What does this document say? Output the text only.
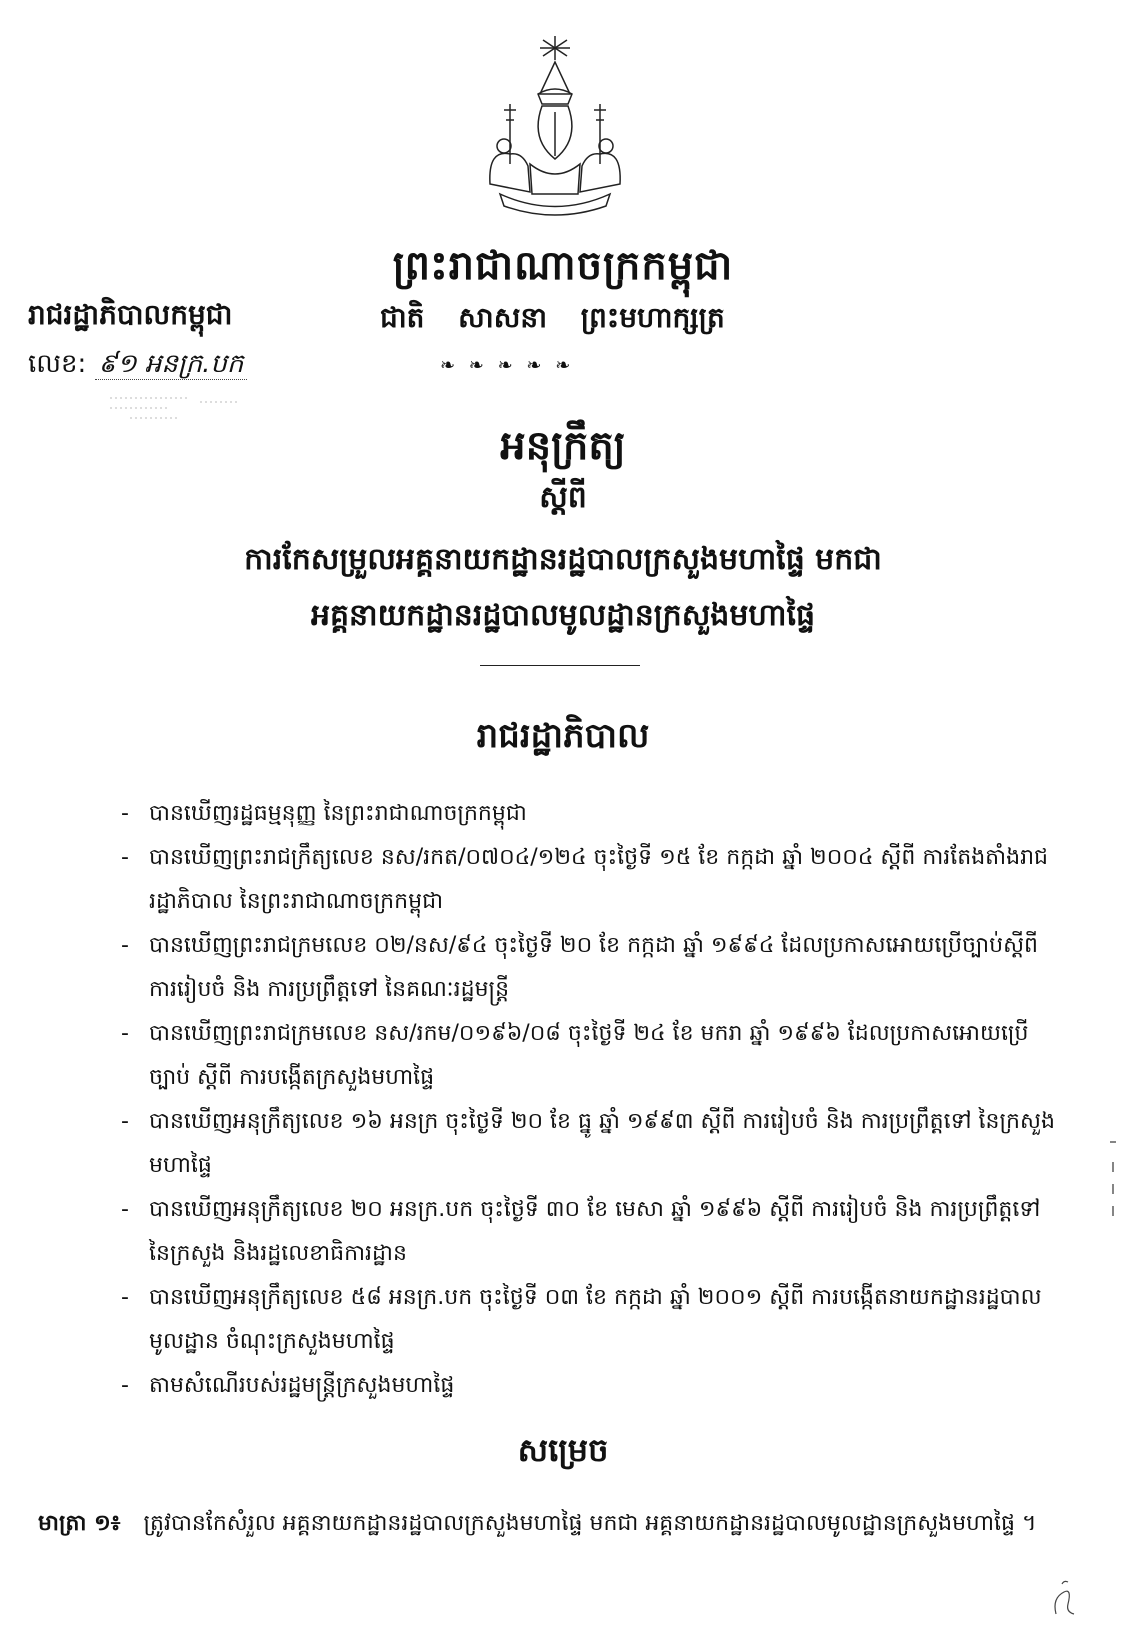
ព្រះរាជាណាចក្រកម្ពុជា
រាជរដ្ឋាភិបាលកម្ពុជា	ជាតិ សាសនា ព្រះមហាក្សត្រ
លេខ: ៩១ អនក្រ.បក	❧ ❧ ❧ ❧ ❧
អនុក្រឹត្យ
ស្តីពី
ការកែសម្រួលអគ្គនាយកដ្ឋានរដ្ឋបាលក្រសួងមហាផ្ទៃ មកជា
អគ្គនាយកដ្ឋានរដ្ឋបាលមូលដ្ឋានក្រសួងមហាផ្ទៃ
រាជរដ្ឋាភិបាល
- បានឃើញរដ្ឋធម្មនុញ្ញ នៃព្រះរាជាណាចក្រកម្ពុជា
- បានឃើញព្រះរាជក្រឹត្យលេខ នស/រកត/០៧០៤/១២៤ ចុះថ្ងៃទី ១៥ ខែ កក្កដា ឆ្នាំ ២០០៤ ស្តីពី ការតែងតាំងរាជរដ្ឋាភិបាល នៃព្រះរាជាណាចក្រកម្ពុជា
- បានឃើញព្រះរាជក្រមលេខ ០២/នស/៩៤ ចុះថ្ងៃទី ២០ ខែ កក្កដា ឆ្នាំ ១៩៩៤ ដែលប្រកាសអោយប្រើច្បាប់ស្តីពី ការរៀបចំ និង ការប្រព្រឹត្តទៅ នៃគណៈរដ្ឋមន្ត្រី
- បានឃើញព្រះរាជក្រមលេខ នស/រកម/០១៩៦/០៨ ចុះថ្ងៃទី ២៤ ខែ មករា ឆ្នាំ ១៩៩៦ ដែលប្រកាសអោយប្រើច្បាប់ ស្តីពី ការបង្កើតក្រសួងមហាផ្ទៃ
- បានឃើញអនុក្រឹត្យលេខ ១៦ អនក្រ ចុះថ្ងៃទី ២០ ខែ ធ្នូ ឆ្នាំ ១៩៩៣ ស្តីពី ការរៀបចំ និង ការប្រព្រឹត្តទៅ នៃក្រសួងមហាផ្ទៃ
- បានឃើញអនុក្រឹត្យលេខ ២០ អនក្រ.បក ចុះថ្ងៃទី ៣០ ខែ មេសា ឆ្នាំ ១៩៩៦ ស្តីពី ការរៀបចំ និង ការប្រព្រឹត្តទៅ នៃក្រសួង និងរដ្ឋលេខាធិការដ្ឋាន
- បានឃើញអនុក្រឹត្យលេខ ៥៨ អនក្រ.បក ចុះថ្ងៃទី ០៣ ខែ កក្កដា ឆ្នាំ ២០០១ ស្តីពី ការបង្កើតនាយកដ្ឋានរដ្ឋបាលមូលដ្ឋាន ចំណុះក្រសួងមហាផ្ទៃ
- តាមសំណើរបស់រដ្ឋមន្ត្រីក្រសួងមហាផ្ទៃ
សម្រេច
មាត្រា ១៖ ត្រូវបានកែសំរួល អគ្គនាយកដ្ឋានរដ្ឋបាលក្រសួងមហាផ្ទៃ មកជា អគ្គនាយកដ្ឋានរដ្ឋបាលមូលដ្ឋានក្រសួងមហាផ្ទៃ ។
